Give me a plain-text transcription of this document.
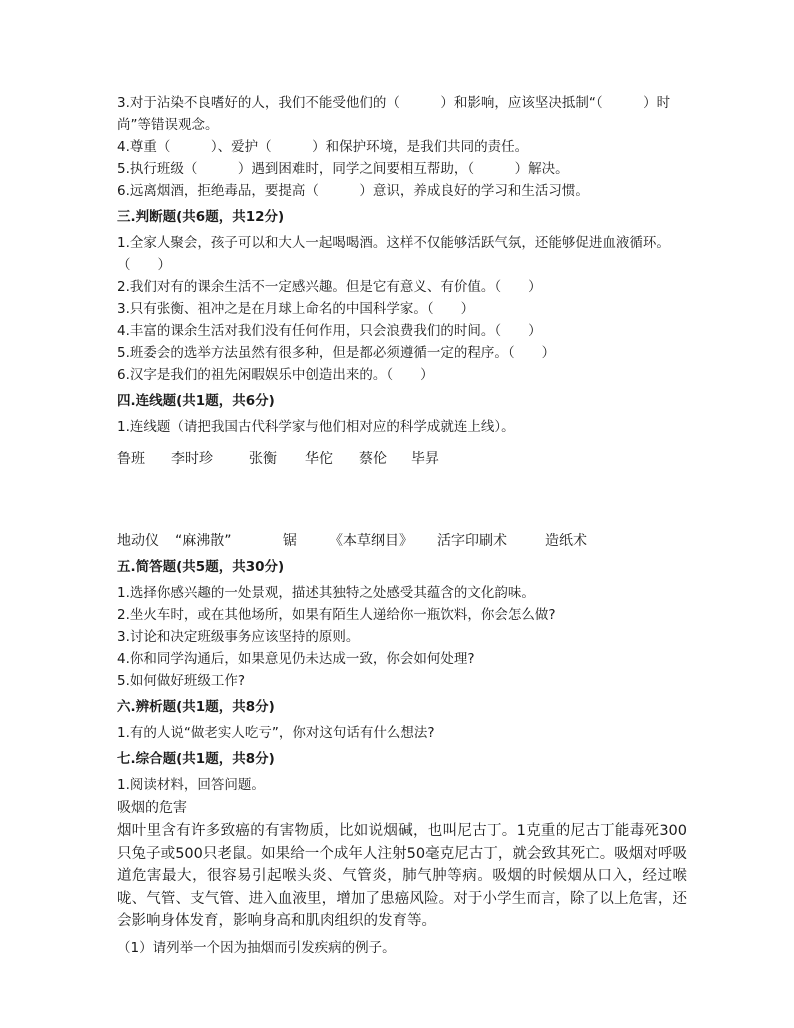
3.对于沾染不良嗜好的人，我们不能受他们的（　　　）和影响，应该坚决抵制“（　　　）时尚”等错误观念。
4.尊重（　　　）、爱护（　　　）和保护环境，是我们共同的责任。
5.执行班级（　　　）遇到困难时，同学之间要相互帮助，（　　　）解决。
6.远离烟酒，拒绝毒品，要提高（　　　）意识，养成良好的学习和生活习惯。
三.判断题(共6题，共12分)
1.全家人聚会，孩子可以和大人一起喝喝酒。这样不仅能够活跃气氛，还能够促进血液循环。（　　）
2.我们对有的课余生活不一定感兴趣。但是它有意义、有价值。（　　）
3.只有张衡、祖冲之是在月球上命名的中国科学家。（　　）
4.丰富的课余生活对我们没有任何作用，只会浪费我们的时间。（　　）
5.班委会的选举方法虽然有很多种，但是都必须遵循一定的程序。（　　）
6.汉字是我们的祖先闲暇娱乐中创造出来的。（　　）
四.连线题(共1题，共6分)
1.连线题（请把我国古代科学家与他们相对应的科学成就连上线）。
鲁班	李时珍	张衡	华佗	蔡伦	毕昇
地动仪	“麻沸散”	锯	《本草纲目》	活字印刷术	造纸术
五.简答题(共5题，共30分)
1.选择你感兴趣的一处景观，描述其独特之处感受其蕴含的文化韵味。
2.坐火车时，或在其他场所，如果有陌生人递给你一瓶饮料，你会怎么做?
3.讨论和决定班级事务应该坚持的原则。
4.你和同学沟通后，如果意见仍未达成一致，你会如何处理?
5.如何做好班级工作?
六.辨析题(共1题，共8分)
1.有的人说“做老实人吃亏”，你对这句话有什么想法?
七.综合题(共1题，共8分)
1.阅读材料，回答问题。
吸烟的危害
烟叶里含有许多致癌的有害物质，比如说烟碱，也叫尼古丁。1克重的尼古丁能毒死300只兔子或500只老鼠。如果给一个成年人注射50毫克尼古丁，就会致其死亡。吸烟对呼吸道危害最大，很容易引起喉头炎、气管炎，肺气肿等病。吸烟的时候烟从口入，经过喉咙、气管、支气管、进入血液里，增加了患癌风险。对于小学生而言，除了以上危害，还会影响身体发育，影响身高和肌肉组织的发育等。
（1）请列举一个因为抽烟而引发疾病的例子。
